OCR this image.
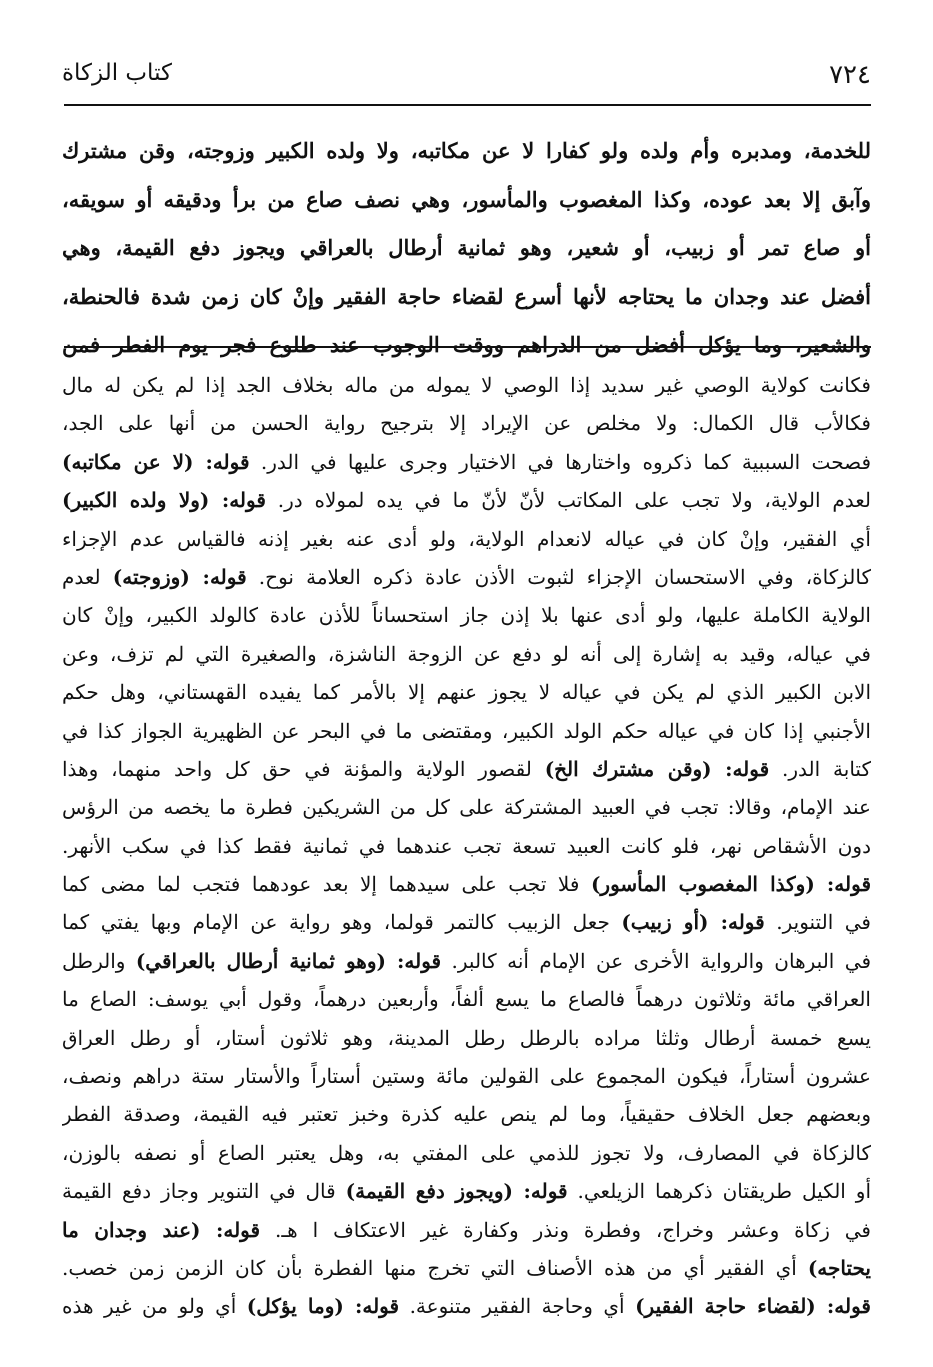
٧٢٤
كتاب الزكاة
للخدمة، ومدبره وأم ولده ولو كفارا لا عن مكاتبه، ولا ولده الكبير وزوجته، وقن مشترك
وآبق إلا بعد عوده، وكذا المغصوب والمأسور، وهي نصف صاع من برأ ودقيقه أو سويقه،
أو صاع تمر أو زبيب، أو شعير، وهو ثمانية أرطال بالعراقي ويجوز دفع القيمة، وهي
أفضل عند وجدان ما يحتاجه لأنها أسرع لقضاء حاجة الفقير وإنْ كان زمن شدة فالحنطة،
والشعير، وما يؤكل أفضل من الدراهم ووقت الوجوب عند طلوع فجر يوم الفطر فمن
فكانت كولاية الوصي غير سديد إذا الوصي لا يموله من ماله بخلاف الجد إذا لم يكن له مال
فكالأب قال الكمال: ولا مخلص عن الإيراد إلا بترجيح رواية الحسن من أنها على الجد،
فصحت السببية كما ذكروه واختارها في الاختيار وجرى عليها في الدر. قوله: (لا عن مكاتبه)
لعدم الولاية، ولا تجب على المكاتب لأنّ لأنّ ما في يده لمولاه در. قوله: (ولا ولده الكبير)
أي الفقير، وإنْ كان في عياله لانعدام الولاية، ولو أدى عنه بغير إذنه فالقياس عدم الإجزاء
كالزكاة، وفي الاستحسان الإجزاء لثبوت الأذن عادة ذكره العلامة نوح. قوله: (وزوجته) لعدم
الولاية الكاملة عليها، ولو أدى عنها بلا إذن جاز استحساناً للأذن عادة كالولد الكبير، وإنْ كان
في عياله، وقيد به إشارة إلى أنه لو دفع عن الزوجة الناشزة، والصغيرة التي لم تزف، وعن
الابن الكبير الذي لم يكن في عياله لا يجوز عنهم إلا بالأمر كما يفيده القهستاني، وهل حكم
الأجنبي إذا كان في عياله حكم الولد الكبير، ومقتضى ما في البحر عن الظهيرية الجواز كذا في
كتابة الدر. قوله: (وقن مشترك الخ) لقصور الولاية والمؤنة في حق كل واحد منهما، وهذا
عند الإمام، وقالا: تجب في العبيد المشتركة على كل من الشريكين فطرة ما يخصه من الرؤس
دون الأشقاص نهر، فلو كانت العبيد تسعة تجب عندهما في ثمانية فقط كذا في سكب الأنهر.
قوله: (وكذا المغصوب المأسور) فلا تجب على سيدهما إلا بعد عودهما فتجب لما مضى كما
في التنوير. قوله: (أو زبيب) جعل الزبيب كالتمر قولما، وهو رواية عن الإمام وبها يفتي كما
في البرهان والرواية الأخرى عن الإمام أنه كالبر. قوله: (وهو ثمانية أرطال بالعراقي) والرطل
العراقي مائة وثلاثون درهماً فالصاع ما يسع ألفاً، وأربعين درهماً، وقول أبي يوسف: الصاع ما
يسع خمسة أرطال وثلثا مراده بالرطل رطل المدينة، وهو ثلاثون أستار، أو رطل العراق
عشرون أستاراً، فيكون المجموع على القولين مائة وستين أستاراً والأستار ستة دراهم ونصف،
وبعضهم جعل الخلاف حقيقياً، وما لم ينص عليه كذرة وخبز تعتبر فيه القيمة، وصدقة الفطر
كالزكاة في المصارف، ولا تجوز للذمي على المفتي به، وهل يعتبر الصاع أو نصفه بالوزن،
أو الكيل طريقتان ذكرهما الزيلعي. قوله: (ويجوز دفع القيمة) قال في التنوير وجاز دفع القيمة
في زكاة وعشر وخراج، وفطرة ونذر وكفارة غير الاعتكاف ا هـ. قوله: (عند وجدان ما
يحتاجه) أي الفقير أي من هذه الأصناف التي تخرج منها الفطرة بأن كان الزمن زمن خصب.
قوله: (لقضاء حاجة الفقير) أي وحاجة الفقير متنوعة. قوله: (وما يؤكل) أي ولو من غير هذه
